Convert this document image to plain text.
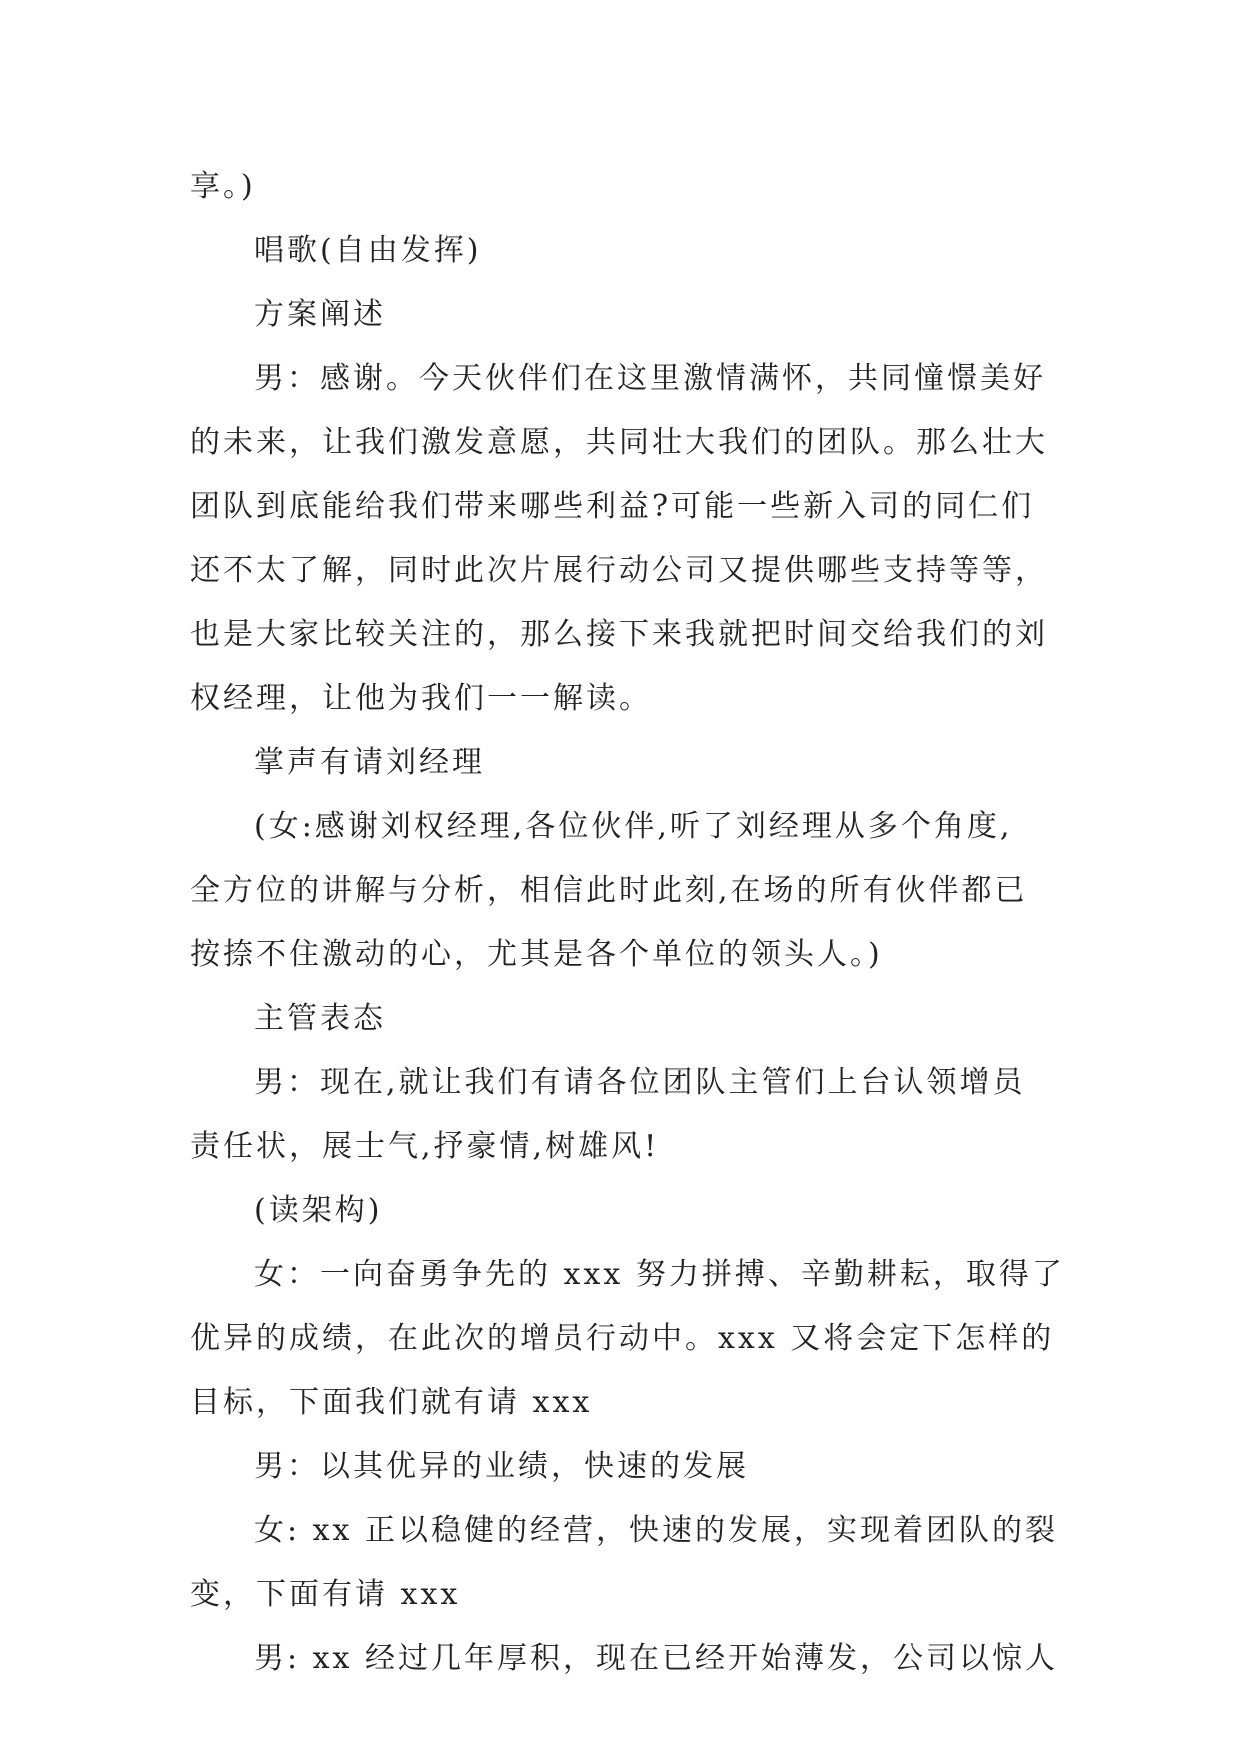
享。)
唱歌(自由发挥)
方案阐述
男：感谢。今天伙伴们在这里激情满怀，共同憧憬美好
的未来，让我们激发意愿，共同壮大我们的团队。那么壮大
团队到底能给我们带来哪些利益?可能一些新入司的同仁们
还不太了解，同时此次片展行动公司又提供哪些支持等等，
也是大家比较关注的，那么接下来我就把时间交给我们的刘
权经理，让他为我们一一解读。
掌声有请刘经理
(女:感谢刘权经理,各位伙伴,听了刘经理从多个角度,
全方位的讲解与分析，相信此时此刻,在场的所有伙伴都已
按捺不住激动的心，尤其是各个单位的领头人。)
主管表态
男：现在,就让我们有请各位团队主管们上台认领增员
责任状，展士气,抒豪情,树雄风!
(读架构)
女：一向奋勇争先的 xxx 努力拼搏、辛勤耕耘，取得了
优异的成绩，在此次的增员行动中。xxx 又将会定下怎样的
目标，下面我们就有请 xxx
男：以其优异的业绩，快速的发展
女: xx 正以稳健的经营，快速的发展，实现着团队的裂
变，下面有请 xxx
男: xx 经过几年厚积，现在已经开始薄发，公司以惊人
